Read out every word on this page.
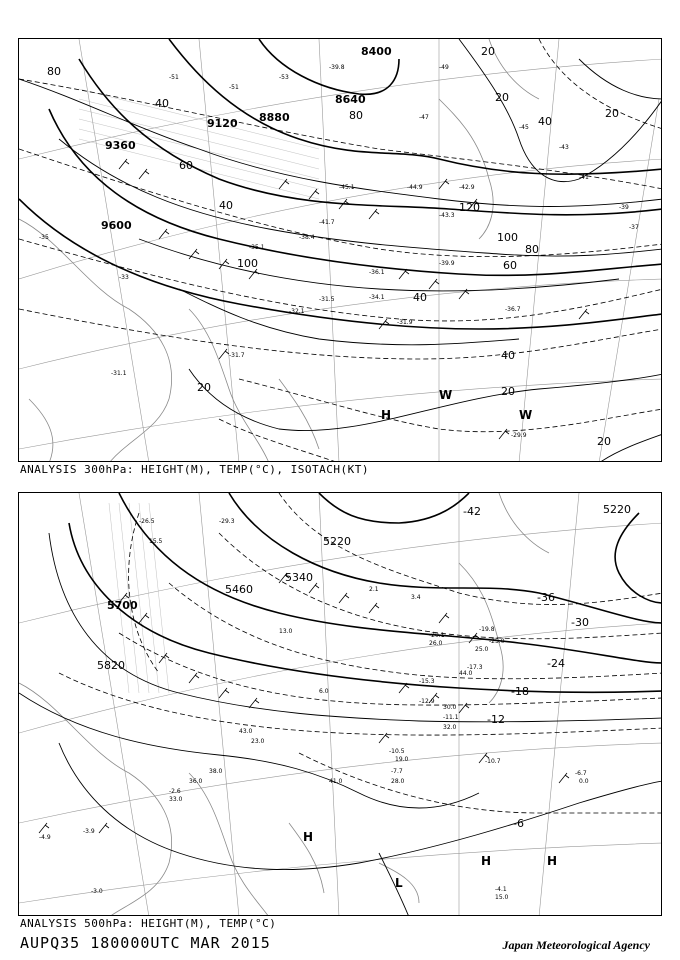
8400
8640
8880
9120
9360
9600
20
20
40
40
60
80
80
100
100
120
60
40
40
20	20
20
20
80
40
H
W
W
-51
-51
-53
-39.8
-45.1	-44.9	-42.9
-36.1
-34.1
-31.9
-31.7
-29.9
-31.1
-33
-35
-37
-39
-41
-43
-45
-47
-49
-36.7
-32.1
-31.5
-35.1
-38.4
-41.7
-43.3
-39.9
ANALYSIS 300hPa: HEIGHT(M), TEMP(°C), ISOTACH(KT)
5220
5220
5340
5460
5700
5820
-42
-36
-30
-24
-18
-12
-6
H
H	H
L
-29.3
-26.5
-25.0
-20.1
-19.8
-17.3
-15.3
-12.9
-11.1
-10.7
-10.5
-7.7	-6.7
-4.9
-4.1
-3.9
-3.0
-2.6
15.0
19.0
28.0
30.0
32.0
33.0
36.0
38.0
41.0
44.0
0.0
2.1
3.4
6.0
15.5
13.0
25.0
23.0
26.0
43.0
ANALYSIS 500hPa: HEIGHT(M), TEMP(°C)
AUPQ35 180000UTC MAR 2015	Japan Meteorological Agency
